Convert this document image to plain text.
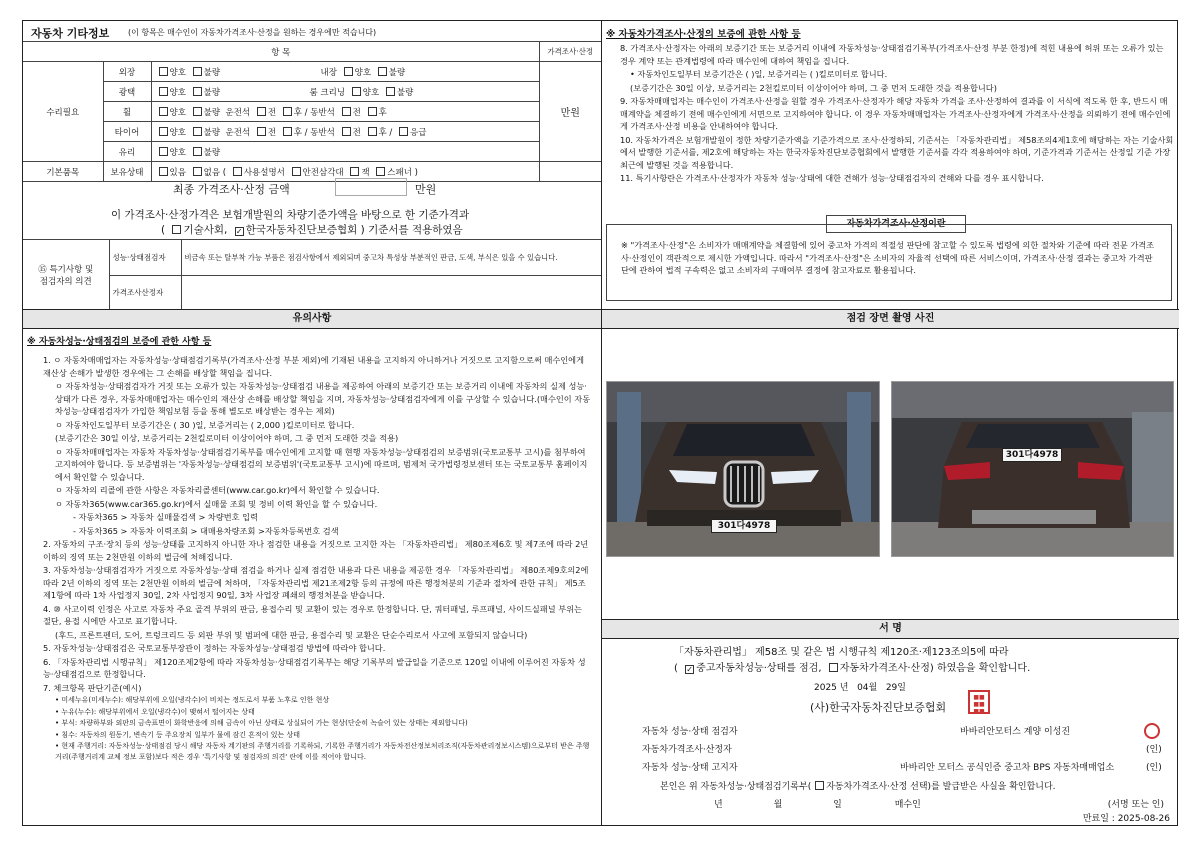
자동차 기타정보 (이 항목은 매수인이 자동차가격조사·산정을 원하는 경우에만 적습니다)
항 목			가격조사·산정
수리필요	외장	양호 불량 내장 양호 불량	만원
	광택	양호 불량 룸 크리닝 양호 불량	
	휠	양호 불량 운전석 전 후 / 동반석 전 후	
	타이어	양호 불량 운전석 전 후 / 동반석 전 후 / 응급	
	유리	양호 불량	

기본품목	보유상태	있음 없음 ( 사용설명서 안전삼각대 잭 스패너 )	
최종 가격조사·산정 금액	만원
이 가격조사·산정가격은 보험개발원의 차량기준가액을 바탕으로 한 기준가격과
( 기술사회, ✓한국자동차진단보증협회 ) 기준서를 적용하였음
⑮ 특기사항 및
점검자의 의견	성능·상태점검자	비금속 또는 탈부착 가능 부품은 점검사항에서 제외되며 중고차 특성상 부분적인 판금, 도색, 부식은 있을 수 있습니다.
	가격조사산정자	
※ 자동차가격조사·산정의 보증에 관한 사항 등

8. 가격조사·산정자는 아래의 보증기간 또는 보증거리 이내에 자동차성능·상태점검기록부(가격조사·산정 부분 한정)에 적힌 내용에 허위 또는 오류가 있는 경우 계약 또는 관계법령에 따라 매수인에 대하여 책임을 집니다.

• 자동차인도일부터 보증기간은 ( )일, 보증거리는 ( )킬로미터로 합니다.

(보증기간은 30일 이상, 보증거리는 2천킬로미터 이상이어야 하며, 그 중 먼저 도래한 것을 적용합니다)

9. 자동차매매업자는 매수인이 가격조사·산정을 원할 경우 가격조사·산정자가 해당 자동차 가격을 조사·산정하여 결과를 이 서식에 적도록 한 후, 반드시 매매계약을 체결하기 전에 매수인에게 서면으로 고지하여야 합니다. 이 경우 자동차매매업자는 가격조사·산정자에게 가격조사·산정을 의뢰하기 전에 매수인에게 가격조사·산정 비용을 안내하여야 합니다.

10. 자동차가격은 보험개발원이 정한 차량기준가액을 기준가격으로 조사·산정하되, 기준서는 「자동차관리법」 제58조의4제1호에 해당하는 자는 기술사회에서 발행한 기준서를, 제2호에 해당하는 자는 한국자동차진단보증협회에서 발행한 기준서를 각각 적용하여야 하며, 기준가격과 기준서는 산정일 기준 가장 최근에 발행된 것을 적용합니다.

11. 특기사항란은 가격조사·산정자가 자동차 성능·상태에 대한 견해가 성능·상태점검자의 견해와 다를 경우 표시합니다.

자동차가격조사·산정이란
※ "가격조사·산정"은 소비자가 매매계약을 체결함에 있어 중고차 가격의 적절성 판단에 참고할 수 있도록 법령에 의한 절차와 기준에 따라 전문 가격조사·산정인이 객관적으로 제시한 가액입니다. 따라서 "가격조사·산정"은 소비자의 자율적 선택에 따른 서비스이며, 가격조사·산정 결과는 중고차 가격판단에 관하여 법적 구속력은 없고 소비자의 구매여부 결정에 참고자료로 활용됩니다.
유의사항
※ 자동차성능·상태점검의 보증에 관한 사항 등

1. ㅇ 자동차매매업자는 자동차성능·상태점검기록부(가격조사·산정 부분 제외)에 기재된 내용을 고지하지 아니하거나 거짓으로 고지함으로써 매수인에게 재산상 손해가 발생한 경우에는 그 손해를 배상할 책임을 집니다.

ㅇ 자동차성능·상태점검자가 거짓 또는 오류가 있는 자동차성능·상태점검 내용을 제공하여 아래의 보증기간 또는 보증거리 이내에 자동차의 실제 성능·상태가 다른 경우, 자동차매매업자는 매수인의 재산상 손해를 배상할 책임을 지며, 자동차성능·상태점검자에게 이를 구상할 수 있습니다.(매수인이 자동차성능·상태점검자가 가입한 책임보험 등을 통해 별도로 배상받는 경우는 제외)

ㅇ 자동차인도일부터 보증기간은 ( 30 )일, 보증거리는 ( 2,000 )킬로미터로 합니다.

(보증기간은 30일 이상, 보증거리는 2천킬로미터 이상이어야 하며, 그 중 먼저 도래한 것을 적용)

ㅇ 자동차매매업자는 자동차 자동차성능·상태점검기록부를 매수인에게 고지할 때 현행 자동차성능·상태점검의 보증범위(국토교통부 고시)를 첨부하여 고지하여야 합니다. 등 보증범위는 '자동차성능·상태점검의 보증범위'(국토교통부 고시)에 따르며, 범제처 국가법령정보센터 또는 국토교통부 홈페이지에서 확인할 수 있습니다.

ㅇ 자동차의 리콜에 관한 사항은 자동차리콜센터(www.car.go.kr)에서 확인할 수 있습니다.

ㅇ 자동차365(www.car365.go.kr)에서 실매물 조회 및 정비 이력 확인을 할 수 있습니다.

- 자동차365 > 자동차 실매물검색 > 차량번호 입력

- 자동차365 > 자동차 이력조회 > 대매용차량조회 >자동차등록번호 검색

2. 자동차의 구조·장치 등의 성능·상태를 고지하지 아니한 자나 점검한 내용을 거짓으로 고지한 자는 「자동차관리법」 제80조제6호 및 제7조에 따라 2년 이하의 징역 또는 2천만원 이하의 벌금에 처해집니다.

3. 자동차성능·상태점검자가 거짓으로 자동차성능·상태 점검을 하거나 실제 점검한 내용과 다른 내용을 제공한 경우 「자동차관리법」 제80조제9호의2에 따라 2년 이하의 징역 또는 2천만원 이하의 벌금에 처하며, 「자동차관리법 제21조제2항 등의 규정에 따른 행정처분의 기준과 절차에 관한 규칙」 제5조제1항에 따라 1차 사업정지 30일, 2차 사업정지 90일, 3차 사업장 폐쇄의 행정처분을 받습니다.

4. ⑩ 사고이력 인정은 사고로 자동차 주요 골격 부위의 판금, 용접수리 및 교환이 있는 경우로 한정합니다. 단, 쿼터패널, 루프패널, 사이드실패널 부위는 절단, 용접 시에만 사고로 표기합니다.

(후드, 프론트펜더, 도어, 트렁크리드 등 외판 부위 및 범퍼에 대한 판금, 용접수리 및 교환은 단순수리로서 사고에 포함되지 않습니다)

5. 자동차성능·상태점검은 국토교통부장관이 정하는 자동차성능·상태점검 방법에 따라야 합니다.

6. 「자동차관리법 시행규칙」 제120조제2항에 따라 자동차성능·상태점검기록부는 해당 기록부의 발급일을 기준으로 120일 이내에 이루어진 자동차 성능·상태점검으로 한정합니다.

7. 체크항목 판단기준(예시)

• 미세누유(미세누수): 해당부위에 오일(냉각수)이 비치는 정도로서 부품 노후로 인한 현상

• 누유(누수): 해당부위에서 오일(냉각수)이 맺혀서 떨어지는 상태

• 부식: 차량하부와 외판의 금속표면이 화학반응에 의해 금속이 아닌 상태로 상실되어 가는 현상(단순히 녹슬어 있는 상태는 제외합니다)

• 침수: 자동차의 원동기, 변속기 등 주요장치 일부가 물에 잠긴 흔적이 있는 상태

• 현재 주행거리: 자동차성능·상태점검 당시 해당 자동차 계기판의 주행거리를 기록하되, 기록한 주행거리가 자동차전산정보처리조직(자동차관리정보시스템)으로부터 받은 주행거리(주행거리계 교체 정보 포함)보다 적은 경우 '특기사항 및 점검자의 의견' 란에 이를 적어야 합니다.

점검 장면 촬영 사진
301다4978
301다4978
서 명
「자동차관리법」 제58조 및 같은 법 시행규칙 제120조·제123조의5에 따라
( ✓중고자동차성능·상태를 점검, 자동차가격조사·산정) 하였음을 확인합니다.
2025 년 04월 29일
(사)한국자동차진단보증협회
■■
■■
■■
자동차 성능·상태 점검자	바바리안모터스 계양 이성진
자동차가격조사·산정자	(인)
자동차 성능·상태 고지자	바바리안 모터스 공식인증 중고차 BPS 자동차매매업소	(인)
본인은 위 자동차성능·상태점검기록부( 자동차가격조사·산정 선택)를 발급받은 사실을 확인합니다.
년	월	일	매수인	(서명 또는 인)
만료일 : 2025-08-26
